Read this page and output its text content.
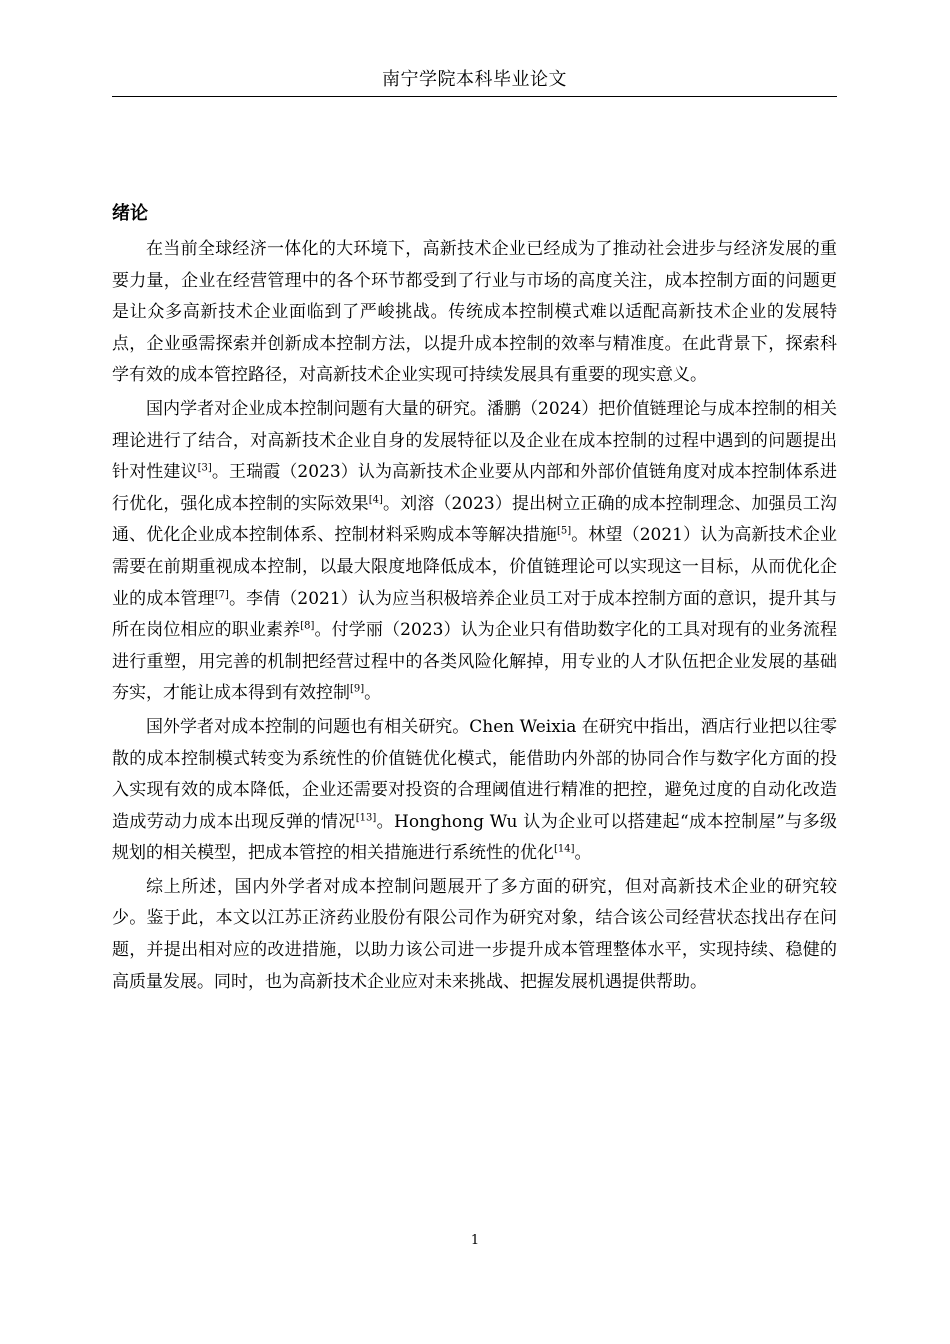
南宁学院本科毕业论文
绪论
在当前全球经济一体化的大环境下，高新技术企业已经成为了推动社会进步与经济发展的重要力量，企业在经营管理中的各个环节都受到了行业与市场的高度关注，成本控制方面的问题更是让众多高新技术企业面临到了严峻挑战。传统成本控制模式难以适配高新技术企业的发展特点，企业亟需探索并创新成本控制方法，以提升成本控制的效率与精准度。在此背景下，探索科学有效的成本管控路径，对高新技术企业实现可持续发展具有重要的现实意义。
国内学者对企业成本控制问题有大量的研究。潘鹏（2024）把价值链理论与成本控制的相关理论进行了结合，对高新技术企业自身的发展特征以及企业在成本控制的过程中遇到的问题提出针对性建议[3]。王瑞霞（2023）认为高新技术企业要从内部和外部价值链角度对成本控制体系进行优化，强化成本控制的实际效果[4]。刘溶（2023）提出树立正确的成本控制理念、加强员工沟通、优化企业成本控制体系、控制材料采购成本等解决措施[5]。林望（2021）认为高新技术企业需要在前期重视成本控制，以最大限度地降低成本，价值链理论可以实现这一目标，从而优化企业的成本管理[7]。李倩（2021）认为应当积极培养企业员工对于成本控制方面的意识，提升其与所在岗位相应的职业素养[8]。付学丽（2023）认为企业只有借助数字化的工具对现有的业务流程进行重塑，用完善的机制把经营过程中的各类风险化解掉，用专业的人才队伍把企业发展的基础夯实，才能让成本得到有效控制[9]。
国外学者对成本控制的问题也有相关研究。Chen Weixia 在研究中指出，酒店行业把以往零散的成本控制模式转变为系统性的价值链优化模式，能借助内外部的协同合作与数字化方面的投入实现有效的成本降低，企业还需要对投资的合理阈值进行精准的把控，避免过度的自动化改造造成劳动力成本出现反弹的情况[13]。Honghong Wu 认为企业可以搭建起“成本控制屋”与多级规划的相关模型，把成本管控的相关措施进行系统性的优化[14]。
综上所述，国内外学者对成本控制问题展开了多方面的研究，但对高新技术企业的研究较少。鉴于此，本文以江苏正济药业股份有限公司作为研究对象，结合该公司经营状态找出存在问题，并提出相对应的改进措施，以助力该公司进一步提升成本管理整体水平，实现持续、稳健的高质量发展。同时，也为高新技术企业应对未来挑战、把握发展机遇提供帮助。
1
